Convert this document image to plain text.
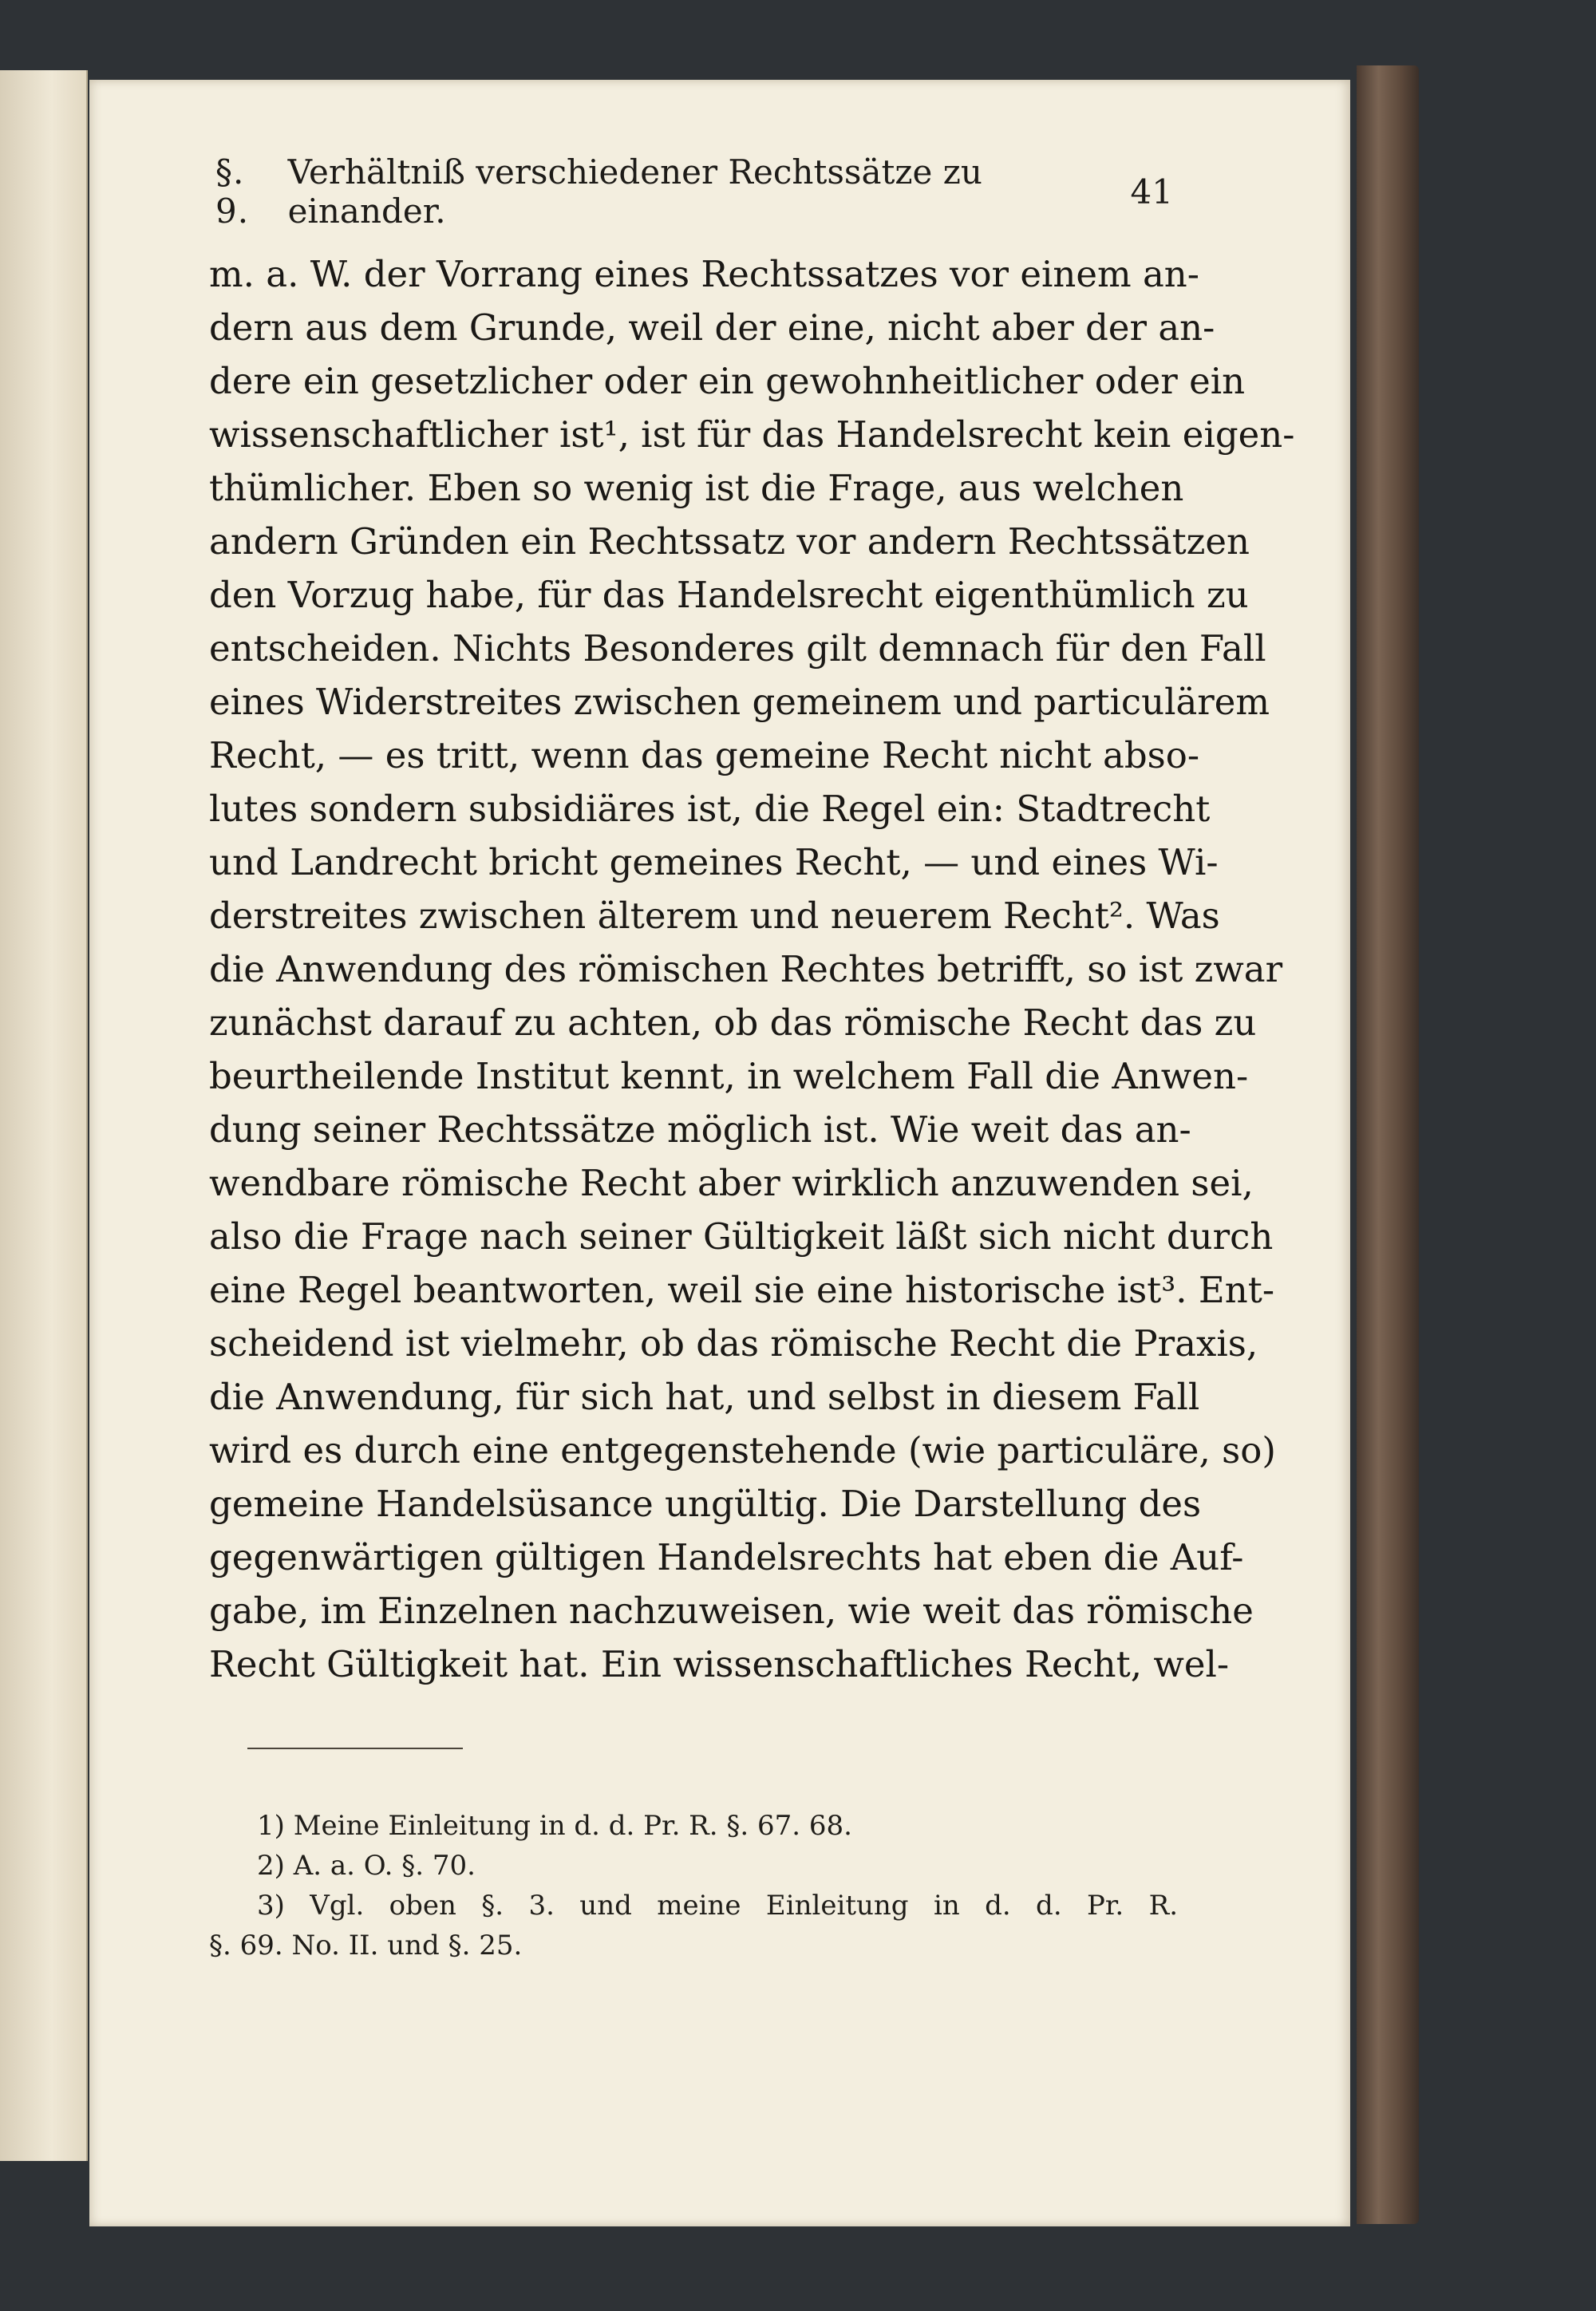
§. 9.
Verhältniß verschiedener Rechtssätze zu einander.	41
m. a. W. der Vorrang eines Rechtssatzes vor einem an-
dern aus dem Grunde, weil der eine, nicht aber der an-
dere ein gesetzlicher oder ein gewohnheitlicher oder ein
wissenschaftlicher ist¹, ist für das Handelsrecht kein eigen-
thümlicher. Eben so wenig ist die Frage, aus welchen
andern Gründen ein Rechtssatz vor andern Rechtssätzen
den Vorzug habe, für das Handelsrecht eigenthümlich zu
entscheiden. Nichts Besonderes gilt demnach für den Fall
eines Widerstreites zwischen gemeinem und particulärem
Recht, — es tritt, wenn das gemeine Recht nicht abso-
lutes sondern subsidiäres ist, die Regel ein: Stadtrecht
und Landrecht bricht gemeines Recht, — und eines Wi-
derstreites zwischen älterem und neuerem Recht². Was
die Anwendung des römischen Rechtes betrifft, so ist zwar
zunächst darauf zu achten, ob das römische Recht das zu
beurtheilende Institut kennt, in welchem Fall die Anwen-
dung seiner Rechtssätze möglich ist. Wie weit das an-
wendbare römische Recht aber wirklich anzuwenden sei,
also die Frage nach seiner Gültigkeit läßt sich nicht durch
eine Regel beantworten, weil sie eine historische ist³. Ent-
scheidend ist vielmehr, ob das römische Recht die Praxis,
die Anwendung, für sich hat, und selbst in diesem Fall
wird es durch eine entgegenstehende (wie particuläre, so)
gemeine Handelsüsance ungültig. Die Darstellung des
gegenwärtigen gültigen Handelsrechts hat eben die Auf-
gabe, im Einzelnen nachzuweisen, wie weit das römische
Recht Gültigkeit hat. Ein wissenschaftliches Recht, wel-
1) Meine Einleitung in d. d. Pr. R. §. 67. 68.
2) A. a. O. §. 70.
3) Vgl. oben §. 3. und meine Einleitung in d. d. Pr. R.
§. 69. No. II. und §. 25.
